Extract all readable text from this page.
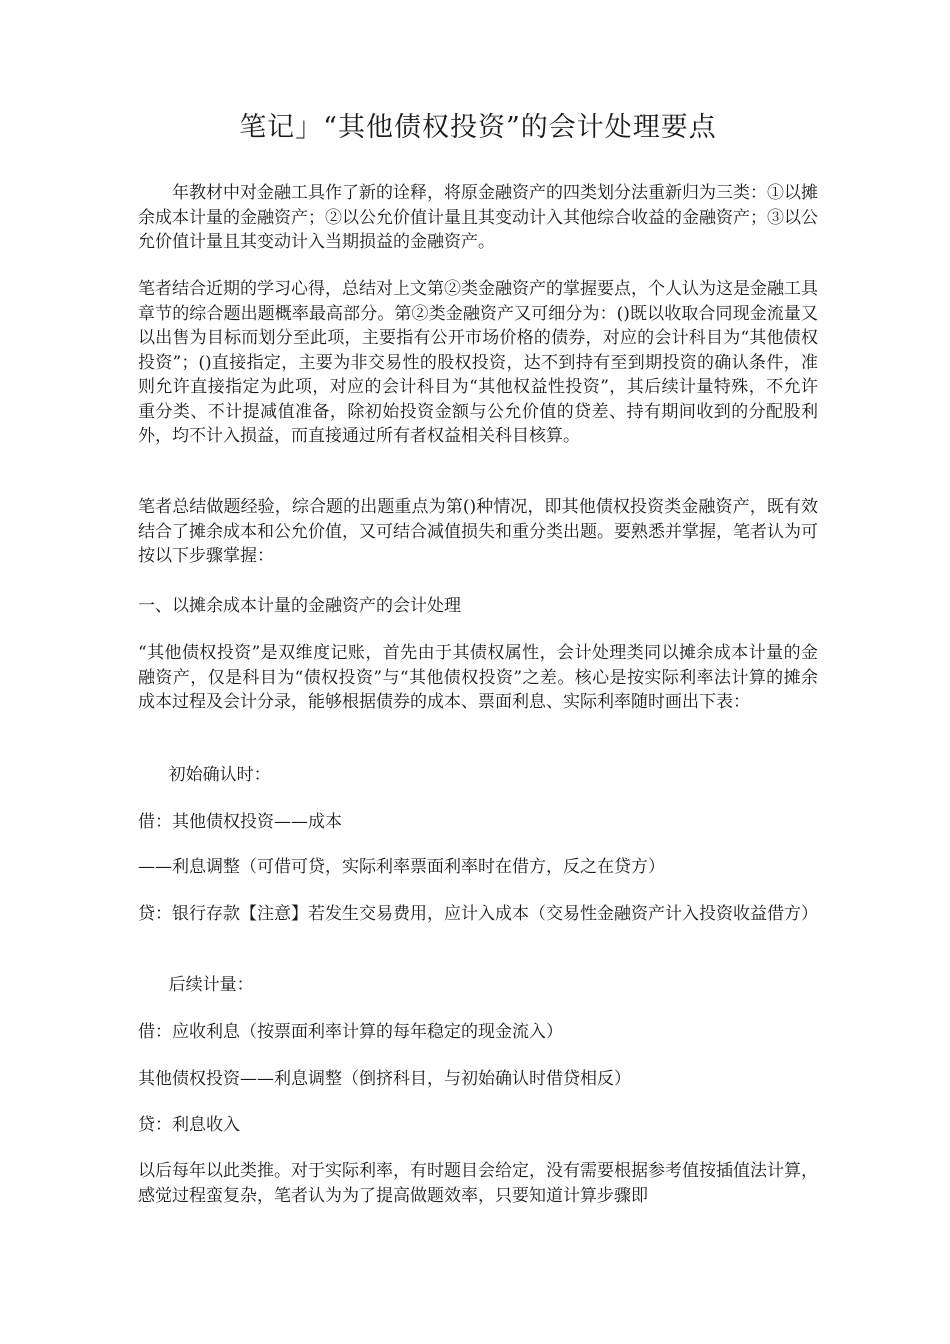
笔记」“其他债权投资”的会计处理要点

年教材中对金融工具作了新的诠释，将原金融资产的四类划分法重新归为三类：①以摊余成本计量的金融资产；②以公允价值计量且其变动计入其他综合收益的金融资产；③以公允价值计量且其变动计入当期损益的金融资产。

笔者结合近期的学习心得，总结对上文第②类金融资产的掌握要点，个人认为这是金融工具章节的综合题出题概率最高部分。第②类金融资产又可细分为：()既以收取合同现金流量又以出售为目标而划分至此项，主要指有公开市场价格的债券，对应的会计科目为“其他债权投资”；()直接指定，主要为非交易性的股权投资，达不到持有至到期投资的确认条件，准则允许直接指定为此项，对应的会计科目为“其他权益性投资”，其后续计量特殊，不允许重分类、不计提减值准备，除初始投资金额与公允价值的贷差、持有期间收到的分配股利外，均不计入损益，而直接通过所有者权益相关科目核算。

笔者总结做题经验，综合题的出题重点为第()种情况，即其他债权投资类金融资产，既有效结合了摊余成本和公允价值，又可结合减值损失和重分类出题。要熟悉并掌握，笔者认为可按以下步骤掌握：

一、以摊余成本计量的金融资产的会计处理

“其他债权投资”是双维度记账，首先由于其债权属性，会计处理类同以摊余成本计量的金融资产，仅是科目为“债权投资”与“其他债权投资”之差。核心是按实际利率法计算的摊余成本过程及会计分录，能够根据债券的成本、票面利息、实际利率随时画出下表：

初始确认时：

借：其他债权投资——成本

——利息调整（可借可贷，实际利率票面利率时在借方，反之在贷方）

贷：银行存款【注意】若发生交易费用，应计入成本（交易性金融资产计入投资收益借方）

后续计量：

借：应收利息（按票面利率计算的每年稳定的现金流入）

其他债权投资——利息调整（倒挤科目，与初始确认时借贷相反）

贷：利息收入

以后每年以此类推。对于实际利率，有时题目会给定，没有需要根据参考值按插值法计算，感觉过程蛮复杂，笔者认为为了提高做题效率，只要知道计算步骤即
